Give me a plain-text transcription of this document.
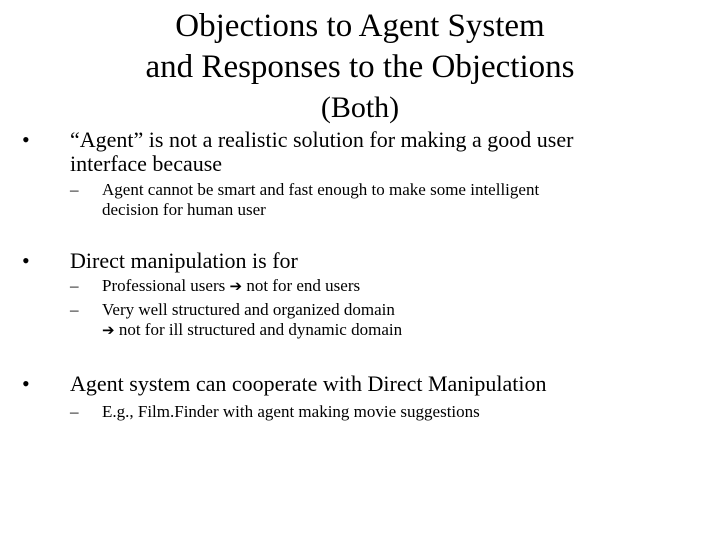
Objections to Agent System
and Responses to the Objections
(Both)
•	“Agent” is not a realistic solution for making a good user
interface because
–	Agent cannot be smart and fast enough to make some intelligent
decision for human user
•	Direct manipulation is for
–	Professional users ➔ not for end users
–	Very well structured and organized domain
➔ not for ill structured and dynamic domain
•	Agent system can cooperate with Direct Manipulation
–	E.g., Film.Finder with agent making movie suggestions
